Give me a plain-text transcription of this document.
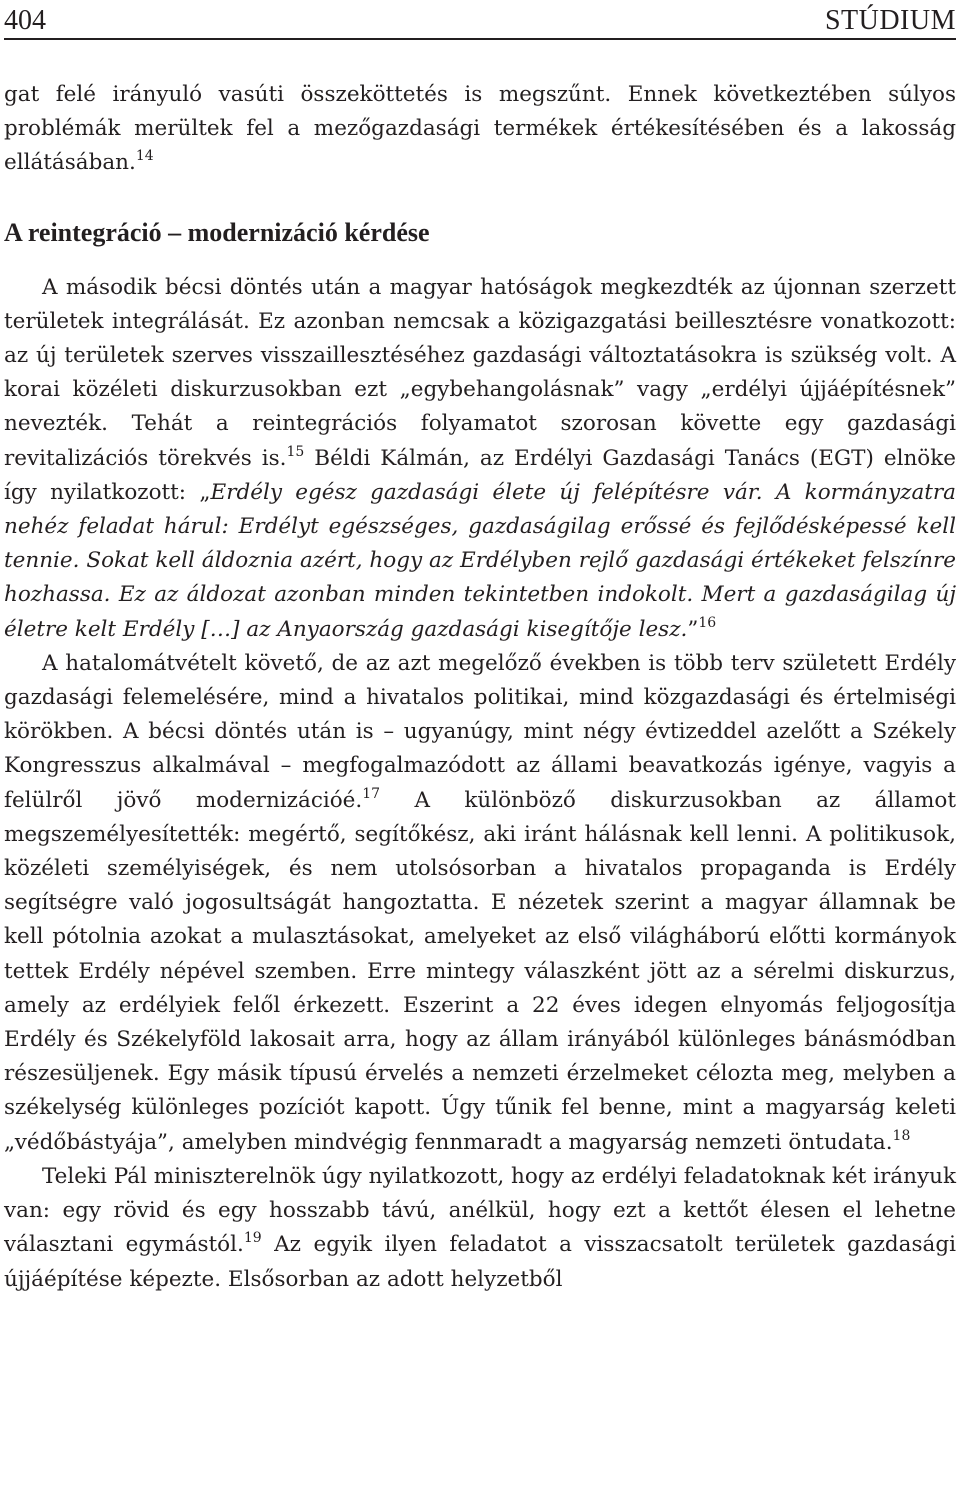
404	STÚDIUM

gat felé irányuló vasúti összeköttetés is megszűnt. Ennek következtében súlyos problémák merültek fel a mezőgazdasági termékek értékesítésében és a lakosság ellátásában.$^{14}$

A reintegráció – modernizáció kérdése

A második bécsi döntés után a magyar hatóságok megkezdték az újonnan szerzett területek integrálását. Ez azonban nemcsak a közigazgatási beillesztésre vonatkozott: az új területek szerves visszaillesztéséhez gazdasági változtatásokra is szükség volt. A korai közéleti diskurzusokban ezt „egybehangolásnak” vagy „erdélyi újjáépítésnek” nevezték. Tehát a reintegrációs folyamatot szorosan követte egy gazdasági revitalizációs törekvés is.$^{15}$ Béldi Kálmán, az Erdélyi Gazdasági Tanács (EGT) elnöke így nyilatkozott: „Erdély egész gazdasági élete új felépítésre vár. A kormányzatra nehéz feladat hárul: Erdélyt egészséges, gazdaságilag erőssé és fejlődésképessé kell tennie. Sokat kell áldoznia azért, hogy az Erdélyben rejlő gazdasági értékeket felszínre hozhassa. Ez az áldozat azonban minden tekintetben indokolt. Mert a gazdaságilag új életre kelt Erdély […] az Anyaország gazdasági kisegítője lesz.”$^{16}$

A hatalomátvételt követő, de az azt megelőző években is több terv született Erdély gazdasági felemelésére, mind a hivatalos politikai, mind közgazdasági és értelmiségi körökben. A bécsi döntés után is – ugyanúgy, mint négy évtizeddel azelőtt a Székely Kongresszus alkalmával – megfogalmazódott az állami beavatkozás igénye, vagyis a felülről jövő modernizációé.$^{17}$ A különböző diskurzusokban az államot megszemélyesítették: megértő, segítőkész, aki iránt hálásnak kell lenni. A politikusok, közéleti személyiségek, és nem utolsósorban a hivatalos propaganda is Erdély segítségre való jogosultságát hangoztatta. E nézetek szerint a magyar államnak be kell pótolnia azokat a mulasztásokat, amelyeket az első világháború előtti kormányok tettek Erdély népével szemben. Erre mintegy válaszként jött az a sérelmi diskurzus, amely az erdélyiek felől érkezett. Eszerint a 22 éves idegen elnyomás feljogosítja Erdély és Székelyföld lakosait arra, hogy az állam irányából különleges bánásmódban részesüljenek. Egy másik típusú érvelés a nemzeti érzelmeket célozta meg, melyben a székelység különleges pozíciót kapott. Úgy tűnik fel benne, mint a magyarság keleti „védőbástyája”, amelyben mindvégig fennmaradt a magyarság nemzeti öntudata.$^{18}$

Teleki Pál miniszterelnök úgy nyilatkozott, hogy az erdélyi feladatoknak két irányuk van: egy rövid és egy hosszabb távú, anélkül, hogy ezt a kettőt élesen el lehetne választani egymástól.$^{19}$ Az egyik ilyen feladatot a visszacsatolt területek gazdasági újjáépítése képezte. Elsősorban az adott helyzetből
